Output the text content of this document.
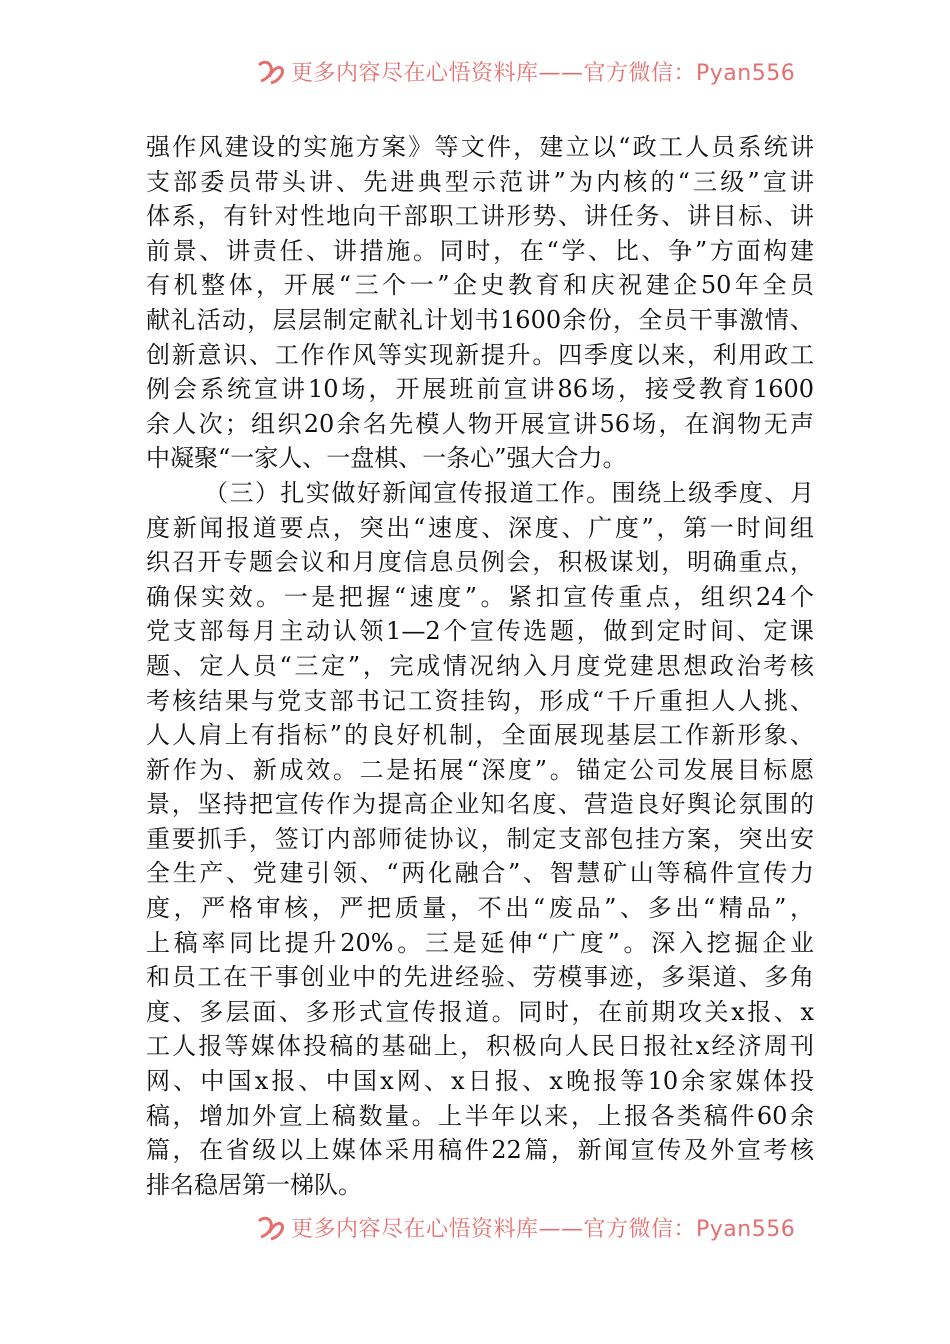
更多内容尽在心悟资料库——官方微信：Pyan556
强作风建设的实施方案》等文件，建立以“政工人员系统讲
支部委员带头讲、先进典型示范讲”为内核的“三级”宣讲
体系，有针对性地向干部职工讲形势、讲任务、讲目标、讲
前景、讲责任、讲措施。同时，在“学、比、争”方面构建
有机整体，开展“三个一”企史教育和庆祝建企50年全员
献礼活动，层层制定献礼计划书1600余份，全员干事激情、
创新意识、工作作风等实现新提升。四季度以来，利用政工
例会系统宣讲10场，开展班前宣讲86场，接受教育1600
余人次；组织20余名先模人物开展宣讲56场，在润物无声
中凝聚“一家人、一盘棋、一条心”强大合力。
（三）扎实做好新闻宣传报道工作。围绕上级季度、月
度新闻报道要点，突出“速度、深度、广度”，第一时间组
织召开专题会议和月度信息员例会，积极谋划，明确重点，
确保实效。一是把握“速度”。紧扣宣传重点，组织24个
党支部每月主动认领1—2个宣传选题，做到定时间、定课
题、定人员“三定”，完成情况纳入月度党建思想政治考核
考核结果与党支部书记工资挂钩，形成“千斤重担人人挑、
人人肩上有指标”的良好机制，全面展现基层工作新形象、
新作为、新成效。二是拓展“深度”。锚定公司发展目标愿
景，坚持把宣传作为提高企业知名度、营造良好舆论氛围的
重要抓手，签订内部师徒协议，制定支部包挂方案，突出安
全生产、党建引领、“两化融合”、智慧矿山等稿件宣传力
度，严格审核，严把质量，不出“废品”、多出“精品”，
上稿率同比提升20%。三是延伸“广度”。深入挖掘企业
和员工在干事创业中的先进经验、劳模事迹，多渠道、多角
度、多层面、多形式宣传报道。同时，在前期攻关x报、x
工人报等媒体投稿的基础上，积极向人民日报社x经济周刊
网、中国x报、中国x网、x日报、x晚报等10余家媒体投
稿，增加外宣上稿数量。上半年以来，上报各类稿件60余
篇，在省级以上媒体采用稿件22篇，新闻宣传及外宣考核
排名稳居第一梯队。
更多内容尽在心悟资料库——官方微信：Pyan556
